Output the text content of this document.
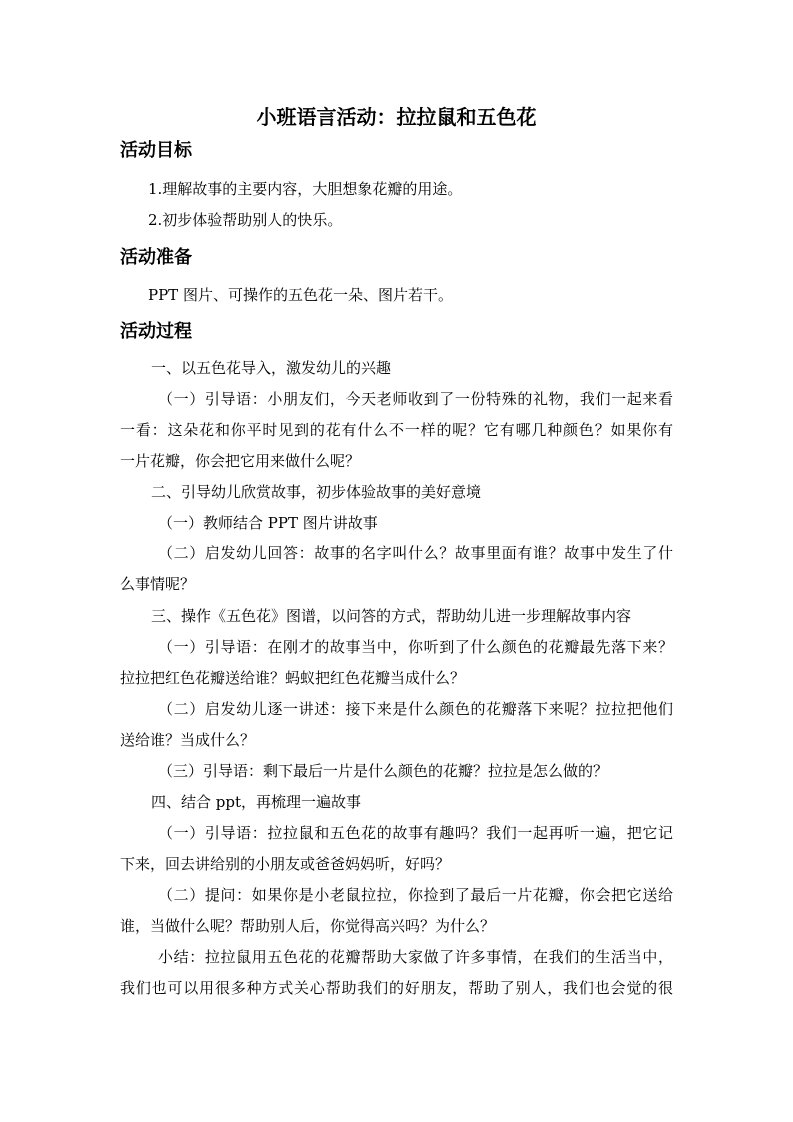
小班语言活动：拉拉鼠和五色花
活动目标
1.理解故事的主要内容，大胆想象花瓣的用途。
2.初步体验帮助别人的快乐。
活动准备
PPT 图片、可操作的五色花一朵、图片若干。
活动过程
一、以五色花导入，激发幼儿的兴趣
（一）引导语：小朋友们，今天老师收到了一份特殊的礼物，我们一起来看
一看：这朵花和你平时见到的花有什么不一样的呢？它有哪几种颜色？如果你有
一片花瓣，你会把它用来做什么呢？
二、引导幼儿欣赏故事，初步体验故事的美好意境
（一）教师结合 PPT 图片讲故事
（二）启发幼儿回答：故事的名字叫什么？故事里面有谁？故事中发生了什
么事情呢？
三、操作《五色花》图谱，以问答的方式，帮助幼儿进一步理解故事内容
（一）引导语：在刚才的故事当中，你听到了什么颜色的花瓣最先落下来？
拉拉把红色花瓣送给谁？蚂蚁把红色花瓣当成什么？
（二）启发幼儿逐一讲述：接下来是什么颜色的花瓣落下来呢？拉拉把他们
送给谁？当成什么？
（三）引导语：剩下最后一片是什么颜色的花瓣？拉拉是怎么做的？
四、结合 ppt，再梳理一遍故事
（一）引导语：拉拉鼠和五色花的故事有趣吗？我们一起再听一遍，把它记
下来，回去讲给别的小朋友或爸爸妈妈听，好吗？
（二）提问：如果你是小老鼠拉拉，你捡到了最后一片花瓣，你会把它送给
谁，当做什么呢？帮助别人后，你觉得高兴吗？为什么？
小结：拉拉鼠用五色花的花瓣帮助大家做了许多事情，在我们的生活当中，
我们也可以用很多种方式关心帮助我们的好朋友，帮助了别人，我们也会觉的很
